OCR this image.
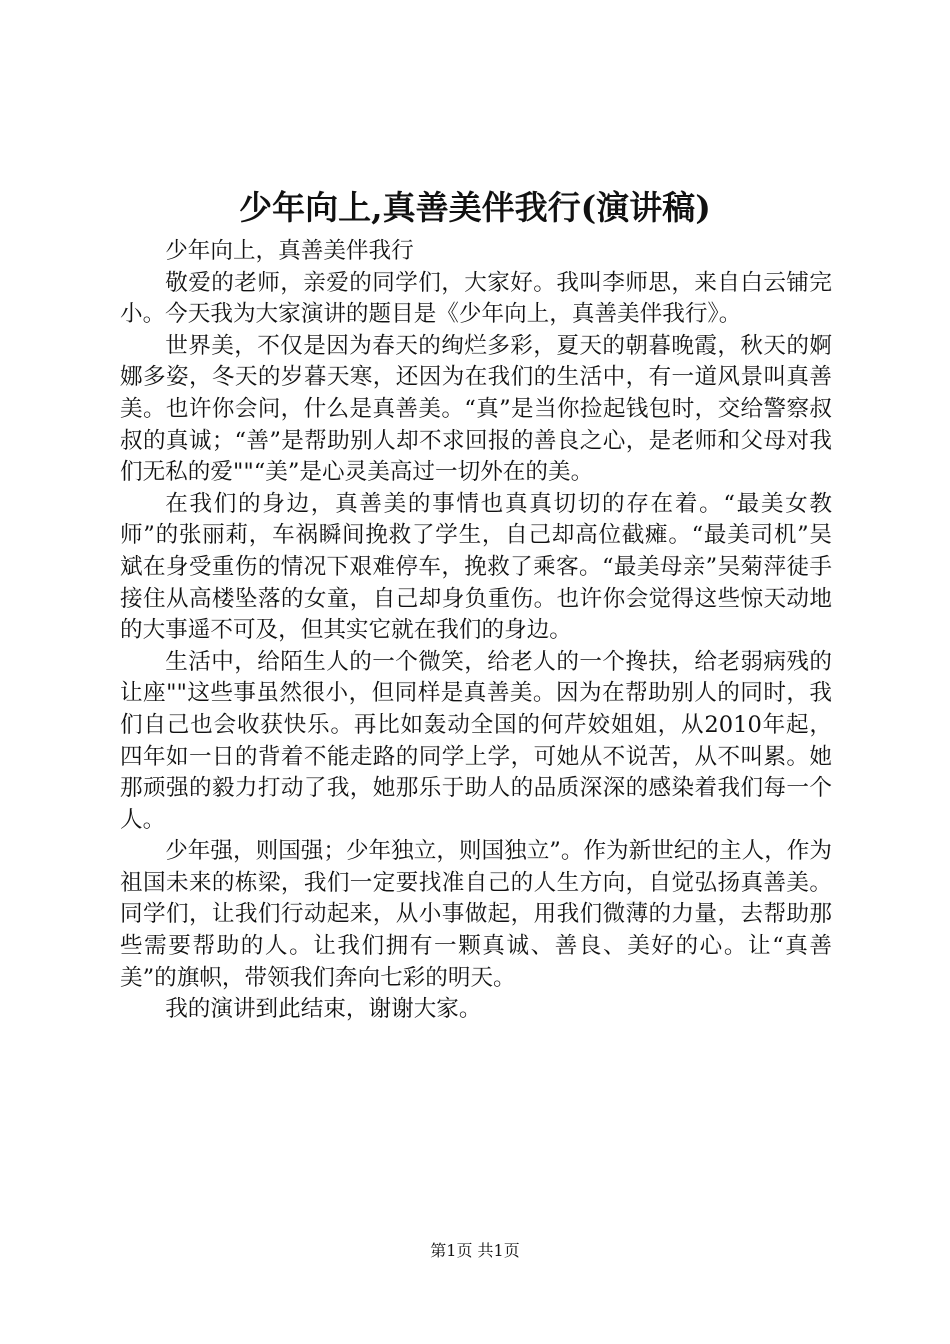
少年向上,真善美伴我行(演讲稿)

少年向上，真善美伴我行

敬爱的老师，亲爱的同学们，大家好。我叫李师思，来自白云铺完小。今天我为大家演讲的题目是《少年向上，真善美伴我行》。

世界美，不仅是因为春天的绚烂多彩，夏天的朝暮晚霞，秋天的婀娜多姿，冬天的岁暮天寒，还因为在我们的生活中，有一道风景叫真善美。也许你会问，什么是真善美。“真”是当你捡起钱包时，交给警察叔叔的真诚；“善”是帮助别人却不求回报的善良之心，是老师和父母对我们无私的爱""“美”是心灵美高过一切外在的美。

在我们的身边，真善美的事情也真真切切的存在着。“最美女教师”的张丽莉，车祸瞬间挽救了学生，自己却高位截瘫。“最美司机”吴斌在身受重伤的情况下艰难停车，挽救了乘客。“最美母亲”吴菊萍徒手接住从高楼坠落的女童，自己却身负重伤。也许你会觉得这些惊天动地的大事遥不可及，但其实它就在我们的身边。

生活中，给陌生人的一个微笑，给老人的一个搀扶，给老弱病残的让座""这些事虽然很小，但同样是真善美。因为在帮助别人的同时，我们自己也会收获快乐。再比如轰动全国的何芹姣姐姐，从2010年起，四年如一日的背着不能走路的同学上学，可她从不说苦，从不叫累。她那顽强的毅力打动了我，她那乐于助人的品质深深的感染着我们每一个人。

少年强，则国强；少年独立，则国独立”。作为新世纪的主人，作为祖国未来的栋梁，我们一定要找准自己的人生方向，自觉弘扬真善美。同学们，让我们行动起来，从小事做起，用我们微薄的力量，去帮助那些需要帮助的人。让我们拥有一颗真诚、善良、美好的心。让“真善美”的旗帜，带领我们奔向七彩的明天。

我的演讲到此结束，谢谢大家。

第1页 共1页
